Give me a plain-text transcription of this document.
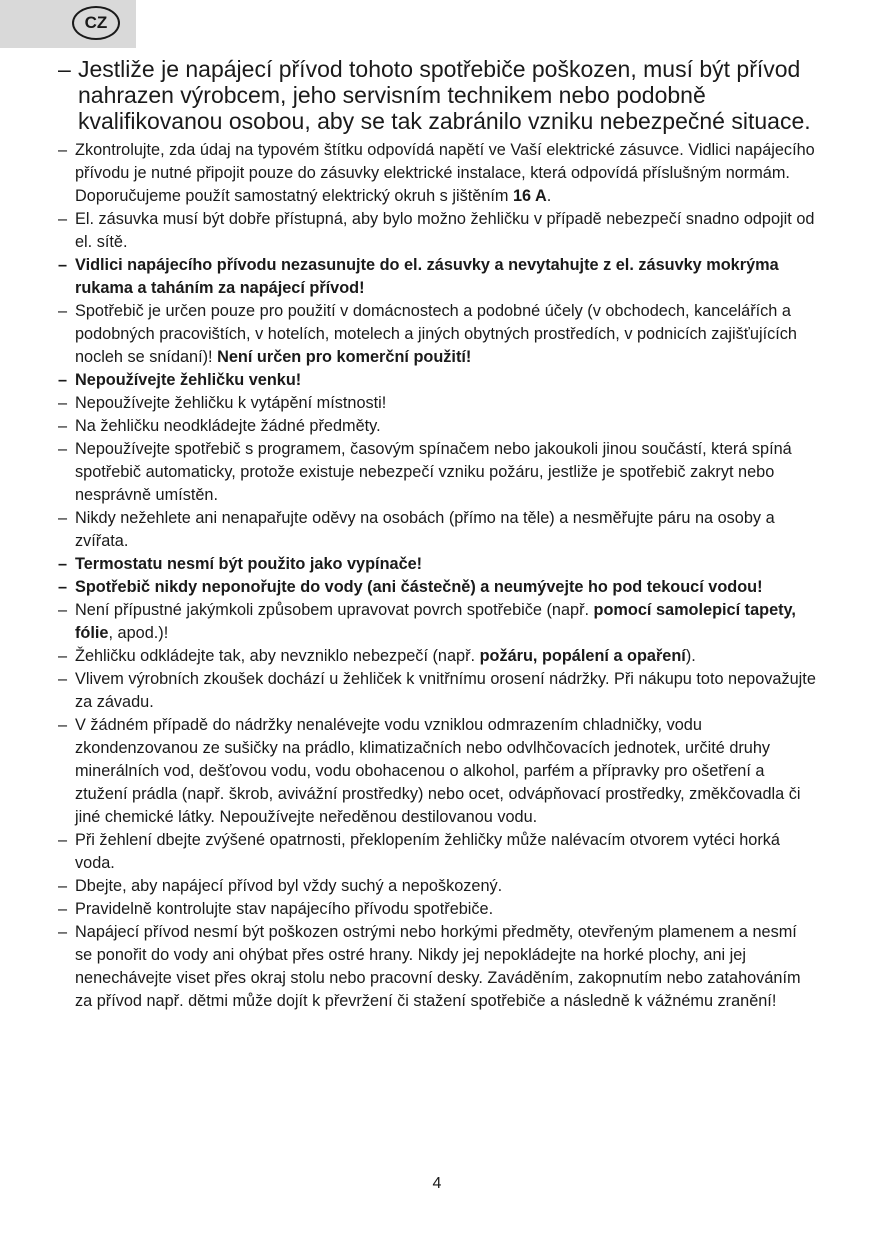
CZ

– Jestliže je napájecí přívod tohoto spotřebiče poškozen, musí být přívod nahrazen výrobcem, jeho servisním technikem nebo podobně kvalifikovanou osobou, aby se tak zabránilo vzniku nebezpečné situace.

– Zkontrolujte, zda údaj na typovém štítku odpovídá napětí ve Vaší elektrické zásuvce. Vidlici napájecího přívodu je nutné připojit pouze do zásuvky elektrické instalace, která odpovídá příslušným normám. Doporučujeme použít samostatný elektrický okruh s jištěním 16 A.

– El. zásuvka musí být dobře přístupná, aby bylo možno žehličku v případě nebezpečí snadno odpojit od el. sítě.

– Vidlici napájecího přívodu nezasunujte do el. zásuvky a nevytahujte z el. zásuvky mokrýma rukama a taháním za napájecí přívod!

– Spotřebič je určen pouze pro použití v domácnostech a podobné účely (v obchodech, kancelářích a podobných pracovištích, v hotelích, motelech a jiných obytných prostředích, v podnicích zajišťujících nocleh se snídaní)! Není určen pro komerční použití!

– Nepoužívejte žehličku venku!

– Nepoužívejte žehličku k vytápění místnosti!

– Na žehličku neodkládejte žádné předměty.

– Nepoužívejte spotřebič s programem, časovým spínačem nebo jakoukoli jinou součástí, která spíná spotřebič automaticky, protože existuje nebezpečí vzniku požáru, jestliže je spotřebič zakryt nebo nesprávně umístěn.

– Nikdy nežehlete ani nenapařujte oděvy na osobách (přímo na těle) a nesměřujte páru na osoby a zvířata.

– Termostatu nesmí být použito jako vypínače!

– Spotřebič nikdy neponořujte do vody (ani částečně) a neumývejte ho pod tekoucí vodou!

– Není přípustné jakýmkoli způsobem upravovat povrch spotřebiče (např. pomocí samolepicí tapety, fólie, apod.)!

– Žehličku odkládejte tak, aby nevzniklo nebezpečí (např. požáru, popálení a opaření).

– Vlivem výrobních zkoušek dochází u žehliček k vnitřnímu orosení nádržky. Při nákupu toto nepovažujte za závadu.

– V žádném případě do nádržky nenalévejte vodu vzniklou odmrazením chladničky, vodu zkondenzovanou ze sušičky na prádlo, klimatizačních nebo odvlhčovacích jednotek, určité druhy minerálních vod, dešťovou vodu, vodu obohacenou o alkohol, parfém a přípravky pro ošetření a ztužení prádla (např. škrob, avivážní prostředky) nebo ocet, odvápňovací prostředky, změkčovadla či jiné chemické látky. Nepoužívejte neředěnou destilovanou vodu.

– Při žehlení dbejte zvýšené opatrnosti, překlopením žehličky může nalévacím otvorem vytéci horká voda.

– Dbejte, aby napájecí přívod byl vždy suchý a nepoškozený.

– Pravidelně kontrolujte stav napájecího přívodu spotřebiče.

– Napájecí přívod nesmí být poškozen ostrými nebo horkými předměty, otevřeným plamenem a nesmí se ponořit do vody ani ohýbat přes ostré hrany. Nikdy jej nepokládejte na horké plochy, ani jej nenechávejte viset přes okraj stolu nebo pracovní desky. Zaváděním, zakopnutím nebo zatahováním za přívod např. dětmi může dojít k převržení či stažení spotřebiče a následně k vážnému zranění!

4
